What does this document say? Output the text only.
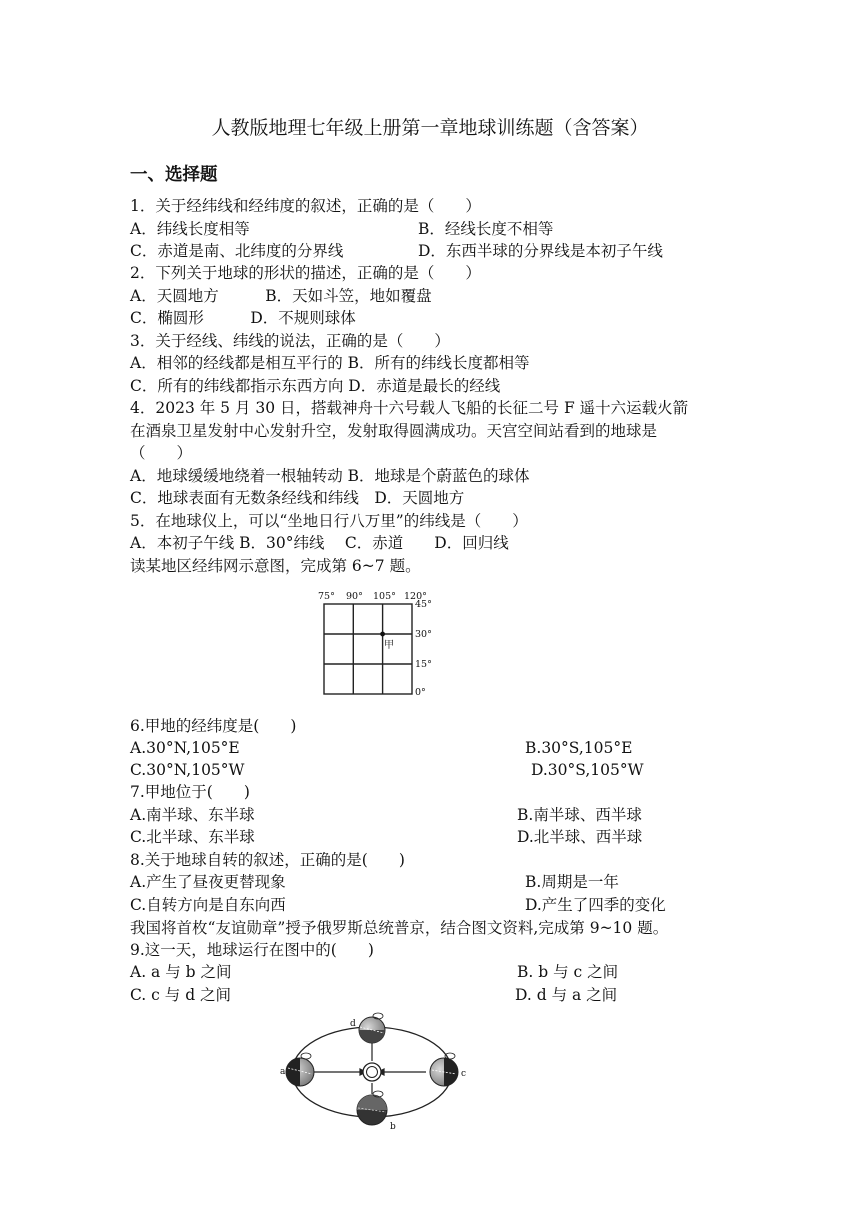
人教版地理七年级上册第一章地球训练题（含答案）
一、选择题
1．关于经纬线和经纬度的叙述，正确的是（　　）
A．纬线长度相等	B．经线长度不相等
C．赤道是南、北纬度的分界线	D．东西半球的分界线是本初子午线
2．下列关于地球的形状的描述，正确的是（　　）
A．天圆地方　　　B．天如斗笠，地如覆盘
C．椭圆形　　　D．不规则球体
3．关于经线、纬线的说法，正确的是（　　）
A．相邻的经线都是相互平行的 B．所有的纬线长度都相等
C．所有的纬线都指示东西方向 D．赤道是最长的经线
4．2023 年 5 月 30 日，搭载神舟十六号载人飞船的长征二号 F 遥十六运载火箭
在酒泉卫星发射中心发射升空，发射取得圆满成功。天宫空间站看到的地球是
（　　）
A．地球缓缓地绕着一根轴转动 B．地球是个蔚蓝色的球体
C．地球表面有无数条经线和纬线　D．天圆地方
5．在地球仪上，可以“坐地日行八万里”的纬线是（　　）
A．本初子午线 B．30°纬线　 C．赤道　　D．回归线
读某地区经纬网示意图，完成第 6~7 题。
75° 90° 105° 120°
45°
30°
15°
0°
甲
6.甲地的经纬度是(　　)
A.30°N,105°E	B.30°S,105°E
C.30°N,105°W	D.30°S,105°W
7.甲地位于(　　)
A.南半球、东半球	B.南半球、西半球
C.北半球、东半球	D.北半球、西半球
8.关于地球自转的叙述，正确的是(　　)
A.产生了昼夜更替现象	B.周期是一年
C.自转方向是自东向西	D.产生了四季的变化
我国将首枚“友谊勋章”授予俄罗斯总统普京，结合图文资料,完成第 9~10 题。
9.这一天，地球运行在图中的(　　)
A. a 与 b 之间	B. b 与 c 之间
C. c 与 d 之间	D. d 与 a 之间
a
b
c
d
